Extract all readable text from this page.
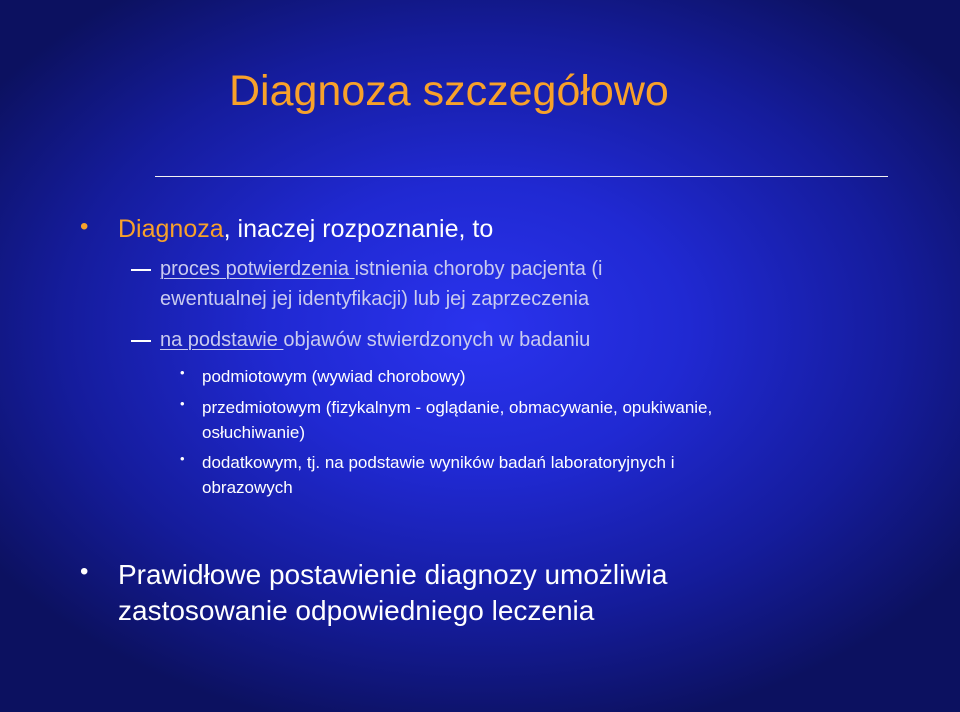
Diagnoza szczegółowo
• Diagnoza, inaczej rozpoznanie, to
proces potwierdzenia istnienia choroby pacjenta (i
ewentualnej jej identyfikacji) lub jej zaprzeczenia
na podstawie objawów stwierdzonych w badaniu
• podmiotowym (wywiad chorobowy)
• przedmiotowym (fizykalnym - oglądanie, obmacywanie, opukiwanie,
osłuchiwanie)
• dodatkowym, tj. na podstawie wyników badań laboratoryjnych i
obrazowych
• Prawidłowe postawienie diagnozy umożliwia
zastosowanie odpowiedniego leczenia
